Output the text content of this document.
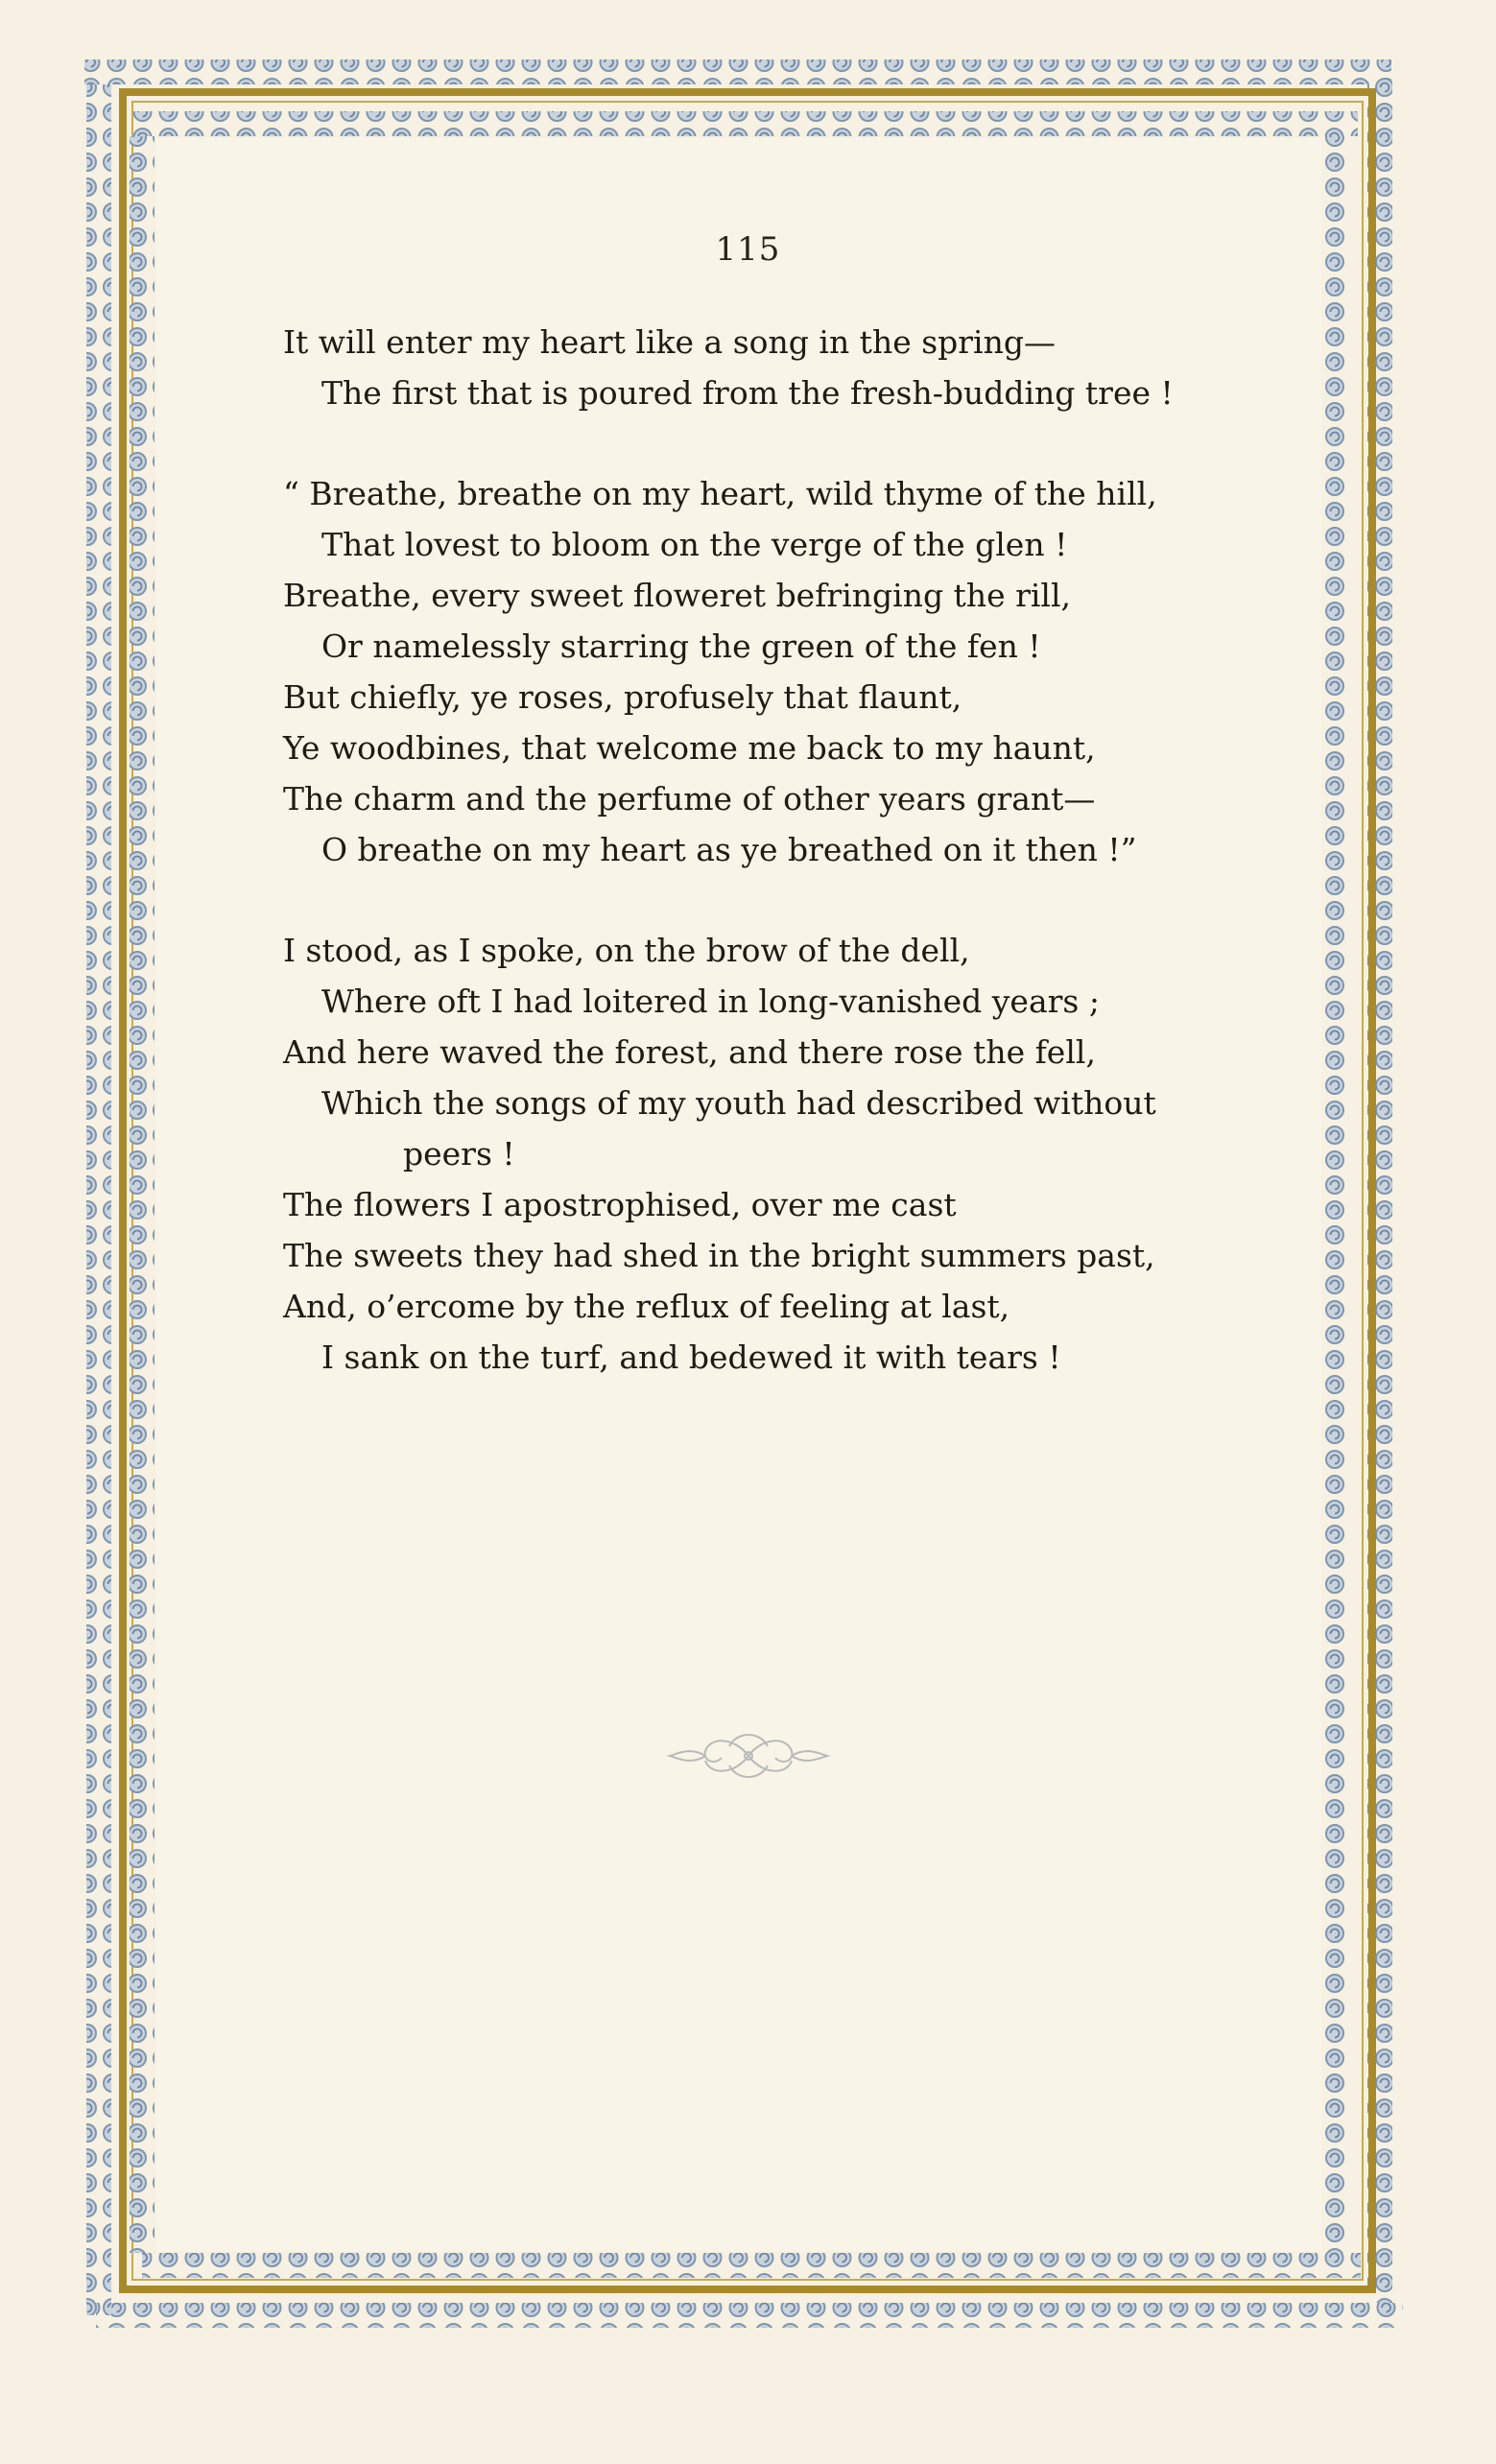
115
It will enter my heart like a song in the spring—
The first that is poured from the fresh-budding tree !
“ Breathe, breathe on my heart, wild thyme of the hill,
That lovest to bloom on the verge of the glen !
Breathe, every sweet floweret befringing the rill,
Or namelessly starring the green of the fen !
But chiefly, ye roses, profusely that flaunt,
Ye woodbines, that welcome me back to my haunt,
The charm and the perfume of other years grant—
O breathe on my heart as ye breathed on it then !”
I stood, as I spoke, on the brow of the dell,
Where oft I had loitered in long-vanished years ;
And here waved the forest, and there rose the fell,
Which the songs of my youth had described without
peers !
The flowers I apostrophised, over me cast
The sweets they had shed in the bright summers past,
And, o’ercome by the reflux of feeling at last,
I sank on the turf, and bedewed it with tears !
